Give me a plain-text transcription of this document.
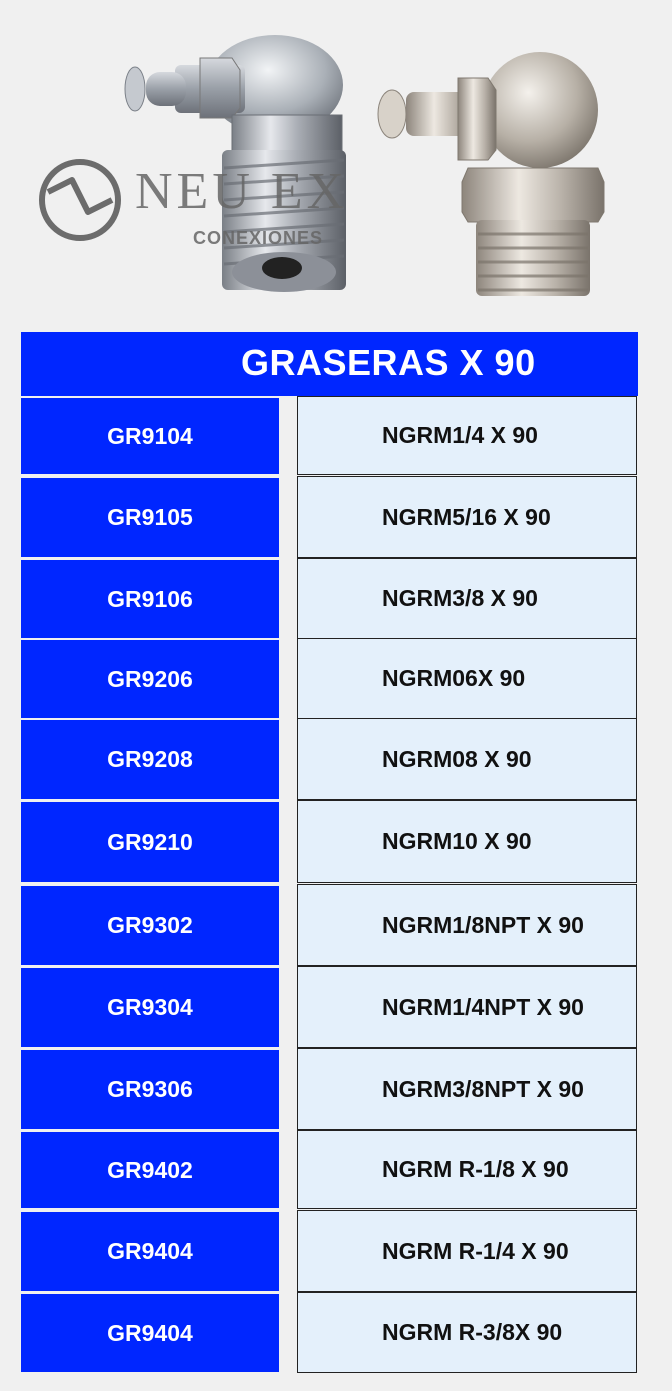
NEU EX
CONEXIONES
GRASERAS X 90
GR9104	NGRM1/4 X 90
GR9105	NGRM5/16 X 90
GR9106	NGRM3/8 X 90
GR9206	NGRM06X 90
GR9208	NGRM08 X 90
GR9210	NGRM10 X 90
GR9302	NGRM1/8NPT X 90
GR9304	NGRM1/4NPT X 90
GR9306	NGRM3/8NPT X 90
GR9402	NGRM R-1/8 X 90
GR9404	NGRM R-1/4 X 90
GR9404	NGRM R-3/8X 90
